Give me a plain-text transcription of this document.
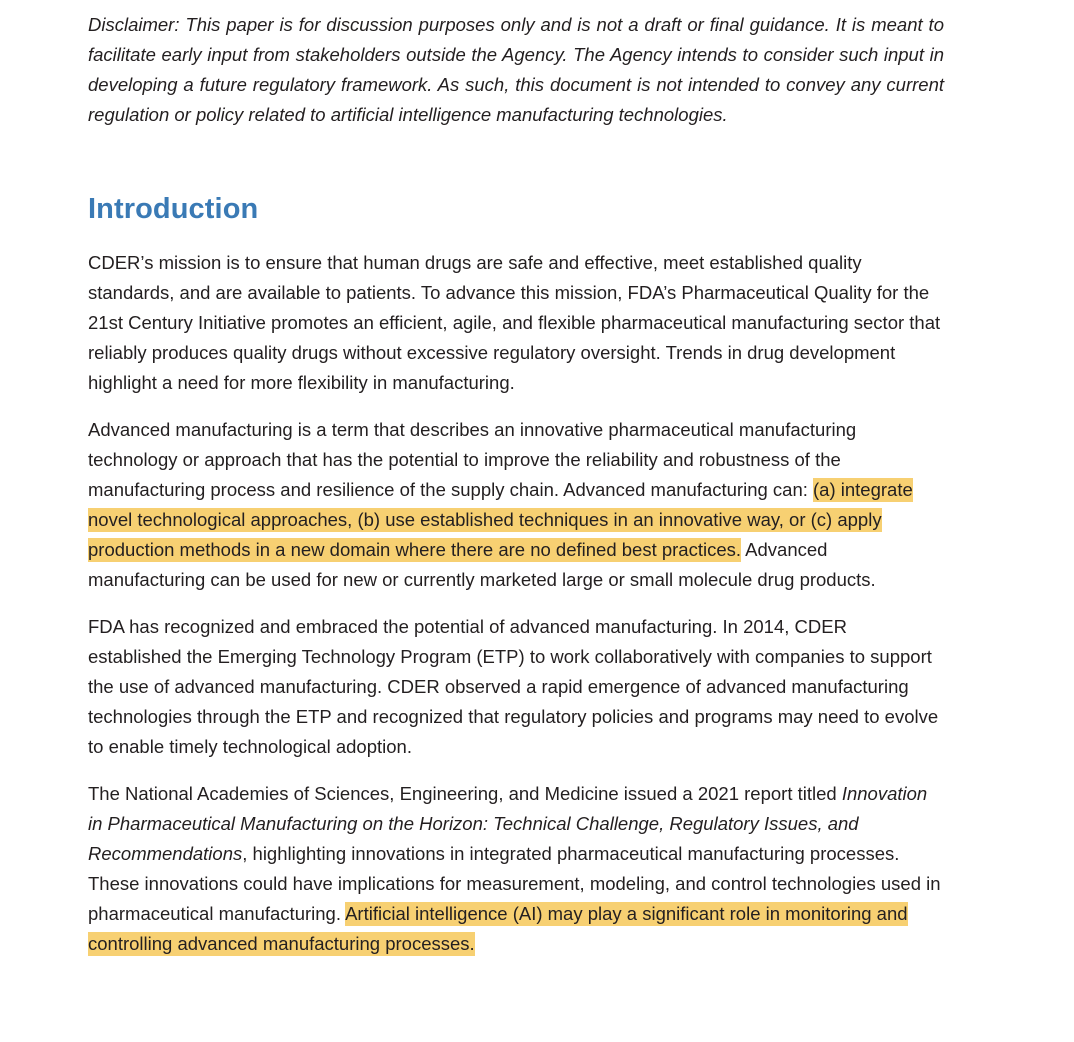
Disclaimer: This paper is for discussion purposes only and is not a draft or final guidance. It is meant to facilitate early input from stakeholders outside the Agency. The Agency intends to consider such input in developing a future regulatory framework. As such, this document is not intended to convey any current regulation or policy related to artificial intelligence manufacturing technologies.

Introduction

CDER’s mission is to ensure that human drugs are safe and effective, meet established quality standards, and are available to patients. To advance this mission, FDA’s Pharmaceutical Quality for the 21st Century Initiative promotes an efficient, agile, and flexible pharmaceutical manufacturing sector that reliably produces quality drugs without excessive regulatory oversight. Trends in drug development highlight a need for more flexibility in manufacturing.

Advanced manufacturing is a term that describes an innovative pharmaceutical manufacturing technology or approach that has the potential to improve the reliability and robustness of the manufacturing process and resilience of the supply chain. Advanced manufacturing can: (a) integrate novel technological approaches, (b) use established techniques in an innovative way, or (c) apply production methods in a new domain where there are no defined best practices. Advanced manufacturing can be used for new or currently marketed large or small molecule drug products.

FDA has recognized and embraced the potential of advanced manufacturing. In 2014, CDER established the Emerging Technology Program (ETP) to work collaboratively with companies to support the use of advanced manufacturing. CDER observed a rapid emergence of advanced manufacturing technologies through the ETP and recognized that regulatory policies and programs may need to evolve to enable timely technological adoption.

The National Academies of Sciences, Engineering, and Medicine issued a 2021 report titled Innovation in Pharmaceutical Manufacturing on the Horizon: Technical Challenge, Regulatory Issues, and Recommendations, highlighting innovations in integrated pharmaceutical manufacturing processes. These innovations could have implications for measurement, modeling, and control technologies used in pharmaceutical manufacturing. Artificial intelligence (AI) may play a significant role in monitoring and controlling advanced manufacturing processes.
